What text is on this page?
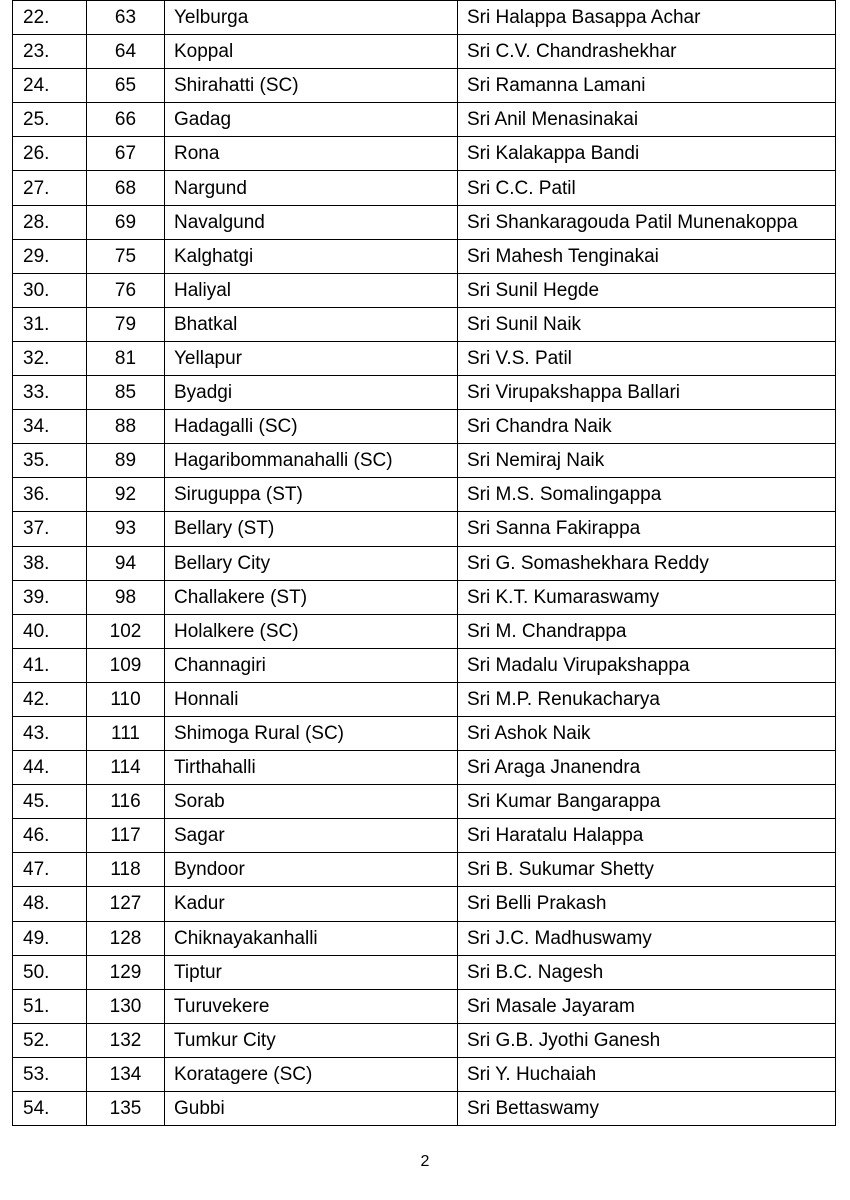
22.	63	Yelburga	Sri Halappa Basappa Achar
23.	64	Koppal	Sri C.V. Chandrashekhar
24.	65	Shirahatti (SC)	Sri Ramanna Lamani
25.	66	Gadag	Sri Anil Menasinakai
26.	67	Rona	Sri Kalakappa Bandi
27.	68	Nargund	Sri C.C. Patil
28.	69	Navalgund	Sri Shankaragouda Patil Munenakoppa
29.	75	Kalghatgi	Sri Mahesh Tenginakai
30.	76	Haliyal	Sri Sunil Hegde
31.	79	Bhatkal	Sri Sunil Naik
32.	81	Yellapur	Sri V.S. Patil
33.	85	Byadgi	Sri Virupakshappa Ballari
34.	88	Hadagalli (SC)	Sri Chandra Naik
35.	89	Hagaribommanahalli (SC)	Sri Nemiraj Naik
36.	92	Siruguppa (ST)	Sri M.S. Somalingappa
37.	93	Bellary (ST)	Sri Sanna Fakirappa
38.	94	Bellary City	Sri G. Somashekhara Reddy
39.	98	Challakere (ST)	Sri K.T. Kumaraswamy
40.	102	Holalkere (SC)	Sri M. Chandrappa
41.	109	Channagiri	Sri Madalu Virupakshappa
42.	110	Honnali	Sri M.P. Renukacharya
43.	111	Shimoga Rural (SC)	Sri Ashok Naik
44.	114	Tirthahalli	Sri Araga Jnanendra
45.	116	Sorab	Sri Kumar Bangarappa
46.	117	Sagar	Sri Haratalu Halappa
47.	118	Byndoor	Sri B. Sukumar Shetty
48.	127	Kadur	Sri Belli Prakash
49.	128	Chiknayakanhalli	Sri J.C. Madhuswamy
50.	129	Tiptur	Sri B.C. Nagesh
51.	130	Turuvekere	Sri Masale Jayaram
52.	132	Tumkur City	Sri G.B. Jyothi Ganesh
53.	134	Koratagere (SC)	Sri Y. Huchaiah
54.	135	Gubbi	Sri Bettaswamy
2
